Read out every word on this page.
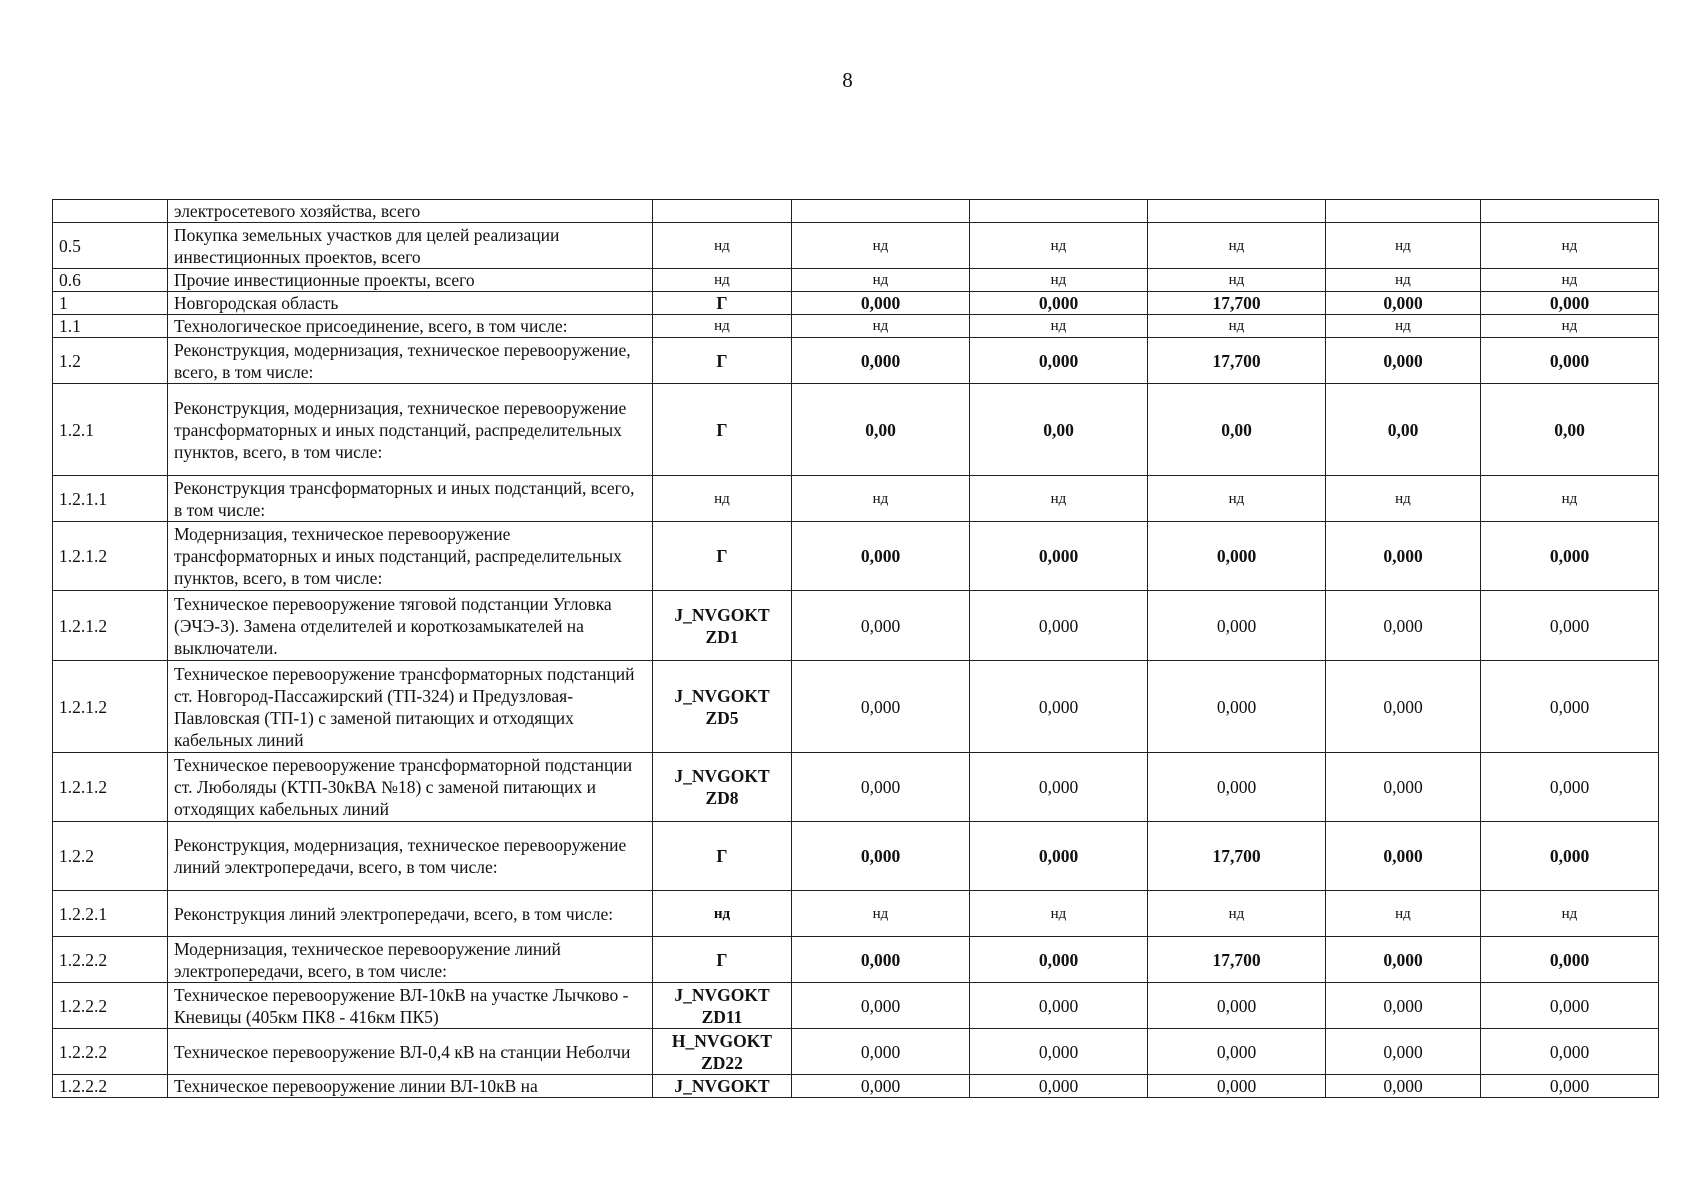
8
	электросетевого хозяйства, всего						
0.5	Покупка земельных участков для целей реализации инвестиционных проектов, всего	нд	нд	нд	нд	нд	нд
0.6	Прочие инвестиционные проекты, всего	нд	нд	нд	нд	нд	нд
1	Новгородская область	Г	0,000	0,000	17,700	0,000	0,000
1.1	Технологическое присоединение, всего, в том числе:	нд	нд	нд	нд	нд	нд
1.2	Реконструкция, модернизация, техническое перевооружение, всего, в том числе:	Г	0,000	0,000	17,700	0,000	0,000
1.2.1	Реконструкция, модернизация, техническое перевооружение трансформаторных и иных подстанций, распределительных пунктов, всего, в том числе:	Г	0,00	0,00	0,00	0,00	0,00
1.2.1.1	Реконструкция трансформаторных и иных подстанций, всего, в том числе:	нд	нд	нд	нд	нд	нд
1.2.1.2	Модернизация, техническое перевооружение трансформаторных и иных подстанций, распределительных пунктов, всего, в том числе:	Г	0,000	0,000	0,000	0,000	0,000
1.2.1.2	Техническое перевооружение тяговой подстанции Угловка (ЭЧЭ-3). Замена отделителей и короткозамыкателей на выключатели.	J_NVGOKT ZD1	0,000	0,000	0,000	0,000	0,000
1.2.1.2	Техническое перевооружение трансформаторных подстанций ст. Новгород-Пассажирский (ТП-324) и Предузловая-Павловская (ТП-1) с заменой питающих и отходящих кабельных линий	J_NVGOKT ZD5	0,000	0,000	0,000	0,000	0,000
1.2.1.2	Техническое перевооружение трансформаторной подстанции ст. Люболяды (КТП-30кВА №18) с заменой питающих и отходящих кабельных линий	J_NVGOKT ZD8	0,000	0,000	0,000	0,000	0,000
1.2.2	Реконструкция, модернизация, техническое перевооружение линий электропередачи, всего, в том числе:	Г	0,000	0,000	17,700	0,000	0,000
1.2.2.1	Реконструкция линий электропередачи, всего, в том числе:	нд	нд	нд	нд	нд	нд
1.2.2.2	Модернизация, техническое перевооружение линий электропередачи, всего, в том числе:	Г	0,000	0,000	17,700	0,000	0,000
1.2.2.2	Техническое перевооружение ВЛ-10кВ на участке Лычково - Кневицы (405км ПК8 - 416км ПК5)	J_NVGOKT ZD11	0,000	0,000	0,000	0,000	0,000
1.2.2.2	Техническое перевооружение ВЛ-0,4 кВ на станции Неболчи	H_NVGOKT ZD22	0,000	0,000	0,000	0,000	0,000
1.2.2.2	Техническое перевооружение линии ВЛ-10кВ на	J_NVGOKT	0,000	0,000	0,000	0,000	0,000
